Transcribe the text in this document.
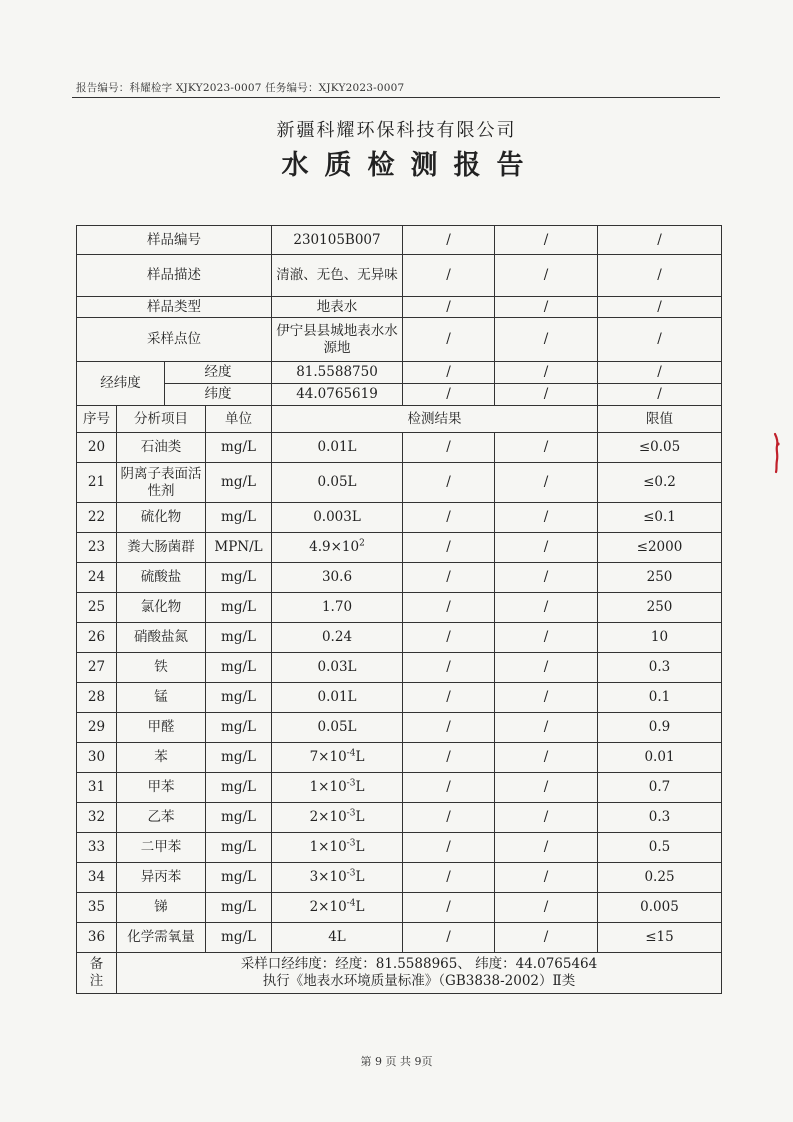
报告编号：科耀检字 XJKY2023-0007 任务编号：XJKY2023-0007
新疆科耀环保科技有限公司
水质检测报告
样品编号				230105B007	/	/	/
样品描述				清澈、无色、无异味	/	/	/
样品类型				地表水	/	/	/
采样点位				伊宁县县城地表水水源地	/	/	/
经纬度		经度		81.5588750	/	/	/
		纬度		44.0765619	/	/	/
序号	分析项目		单位	检测结果			限值
20	石油类		mg/L	0.01L	/	/	≤0.05
21	阴离子表面活性剂		mg/L	0.05L	/	/	≤0.2
22	硫化物		mg/L	0.003L	/	/	≤0.1
23	粪大肠菌群		MPN/L	$4.9\times 10^2$	/	/	≤2000
24	硫酸盐		mg/L	30.6	/	/	250
25	氯化物		mg/L	1.70	/	/	250
26	硝酸盐氮		mg/L	0.24	/	/	10
27	铁		mg/L	0.03L	/	/	0.3
28	锰		mg/L	0.01L	/	/	0.1
29	甲醛		mg/L	0.05L	/	/	0.9
30	苯		mg/L	$7\times 10^{-4}L$	/	/	0.01
31	甲苯		mg/L	$1\times 10^{-3}L$	/	/	0.7
32	乙苯		mg/L	$2\times 10^{-3}L$	/	/	0.3
33	二甲苯		mg/L	$1\times 10^{-3}L$	/	/	0.5
34	异丙苯		mg/L	$3\times 10^{-3}L$	/	/	0.25
35	锑		mg/L	$2\times 10^{-4}L$	/	/	0.005
36	化学需氧量		mg/L	4L	/	/	≤15
备注	采样口经纬度：经度：81.5588965、 纬度：44.0765464
执行《地表水环境质量标准》（GB3838-2002）Ⅱ类						
第 9 页 共 9页
